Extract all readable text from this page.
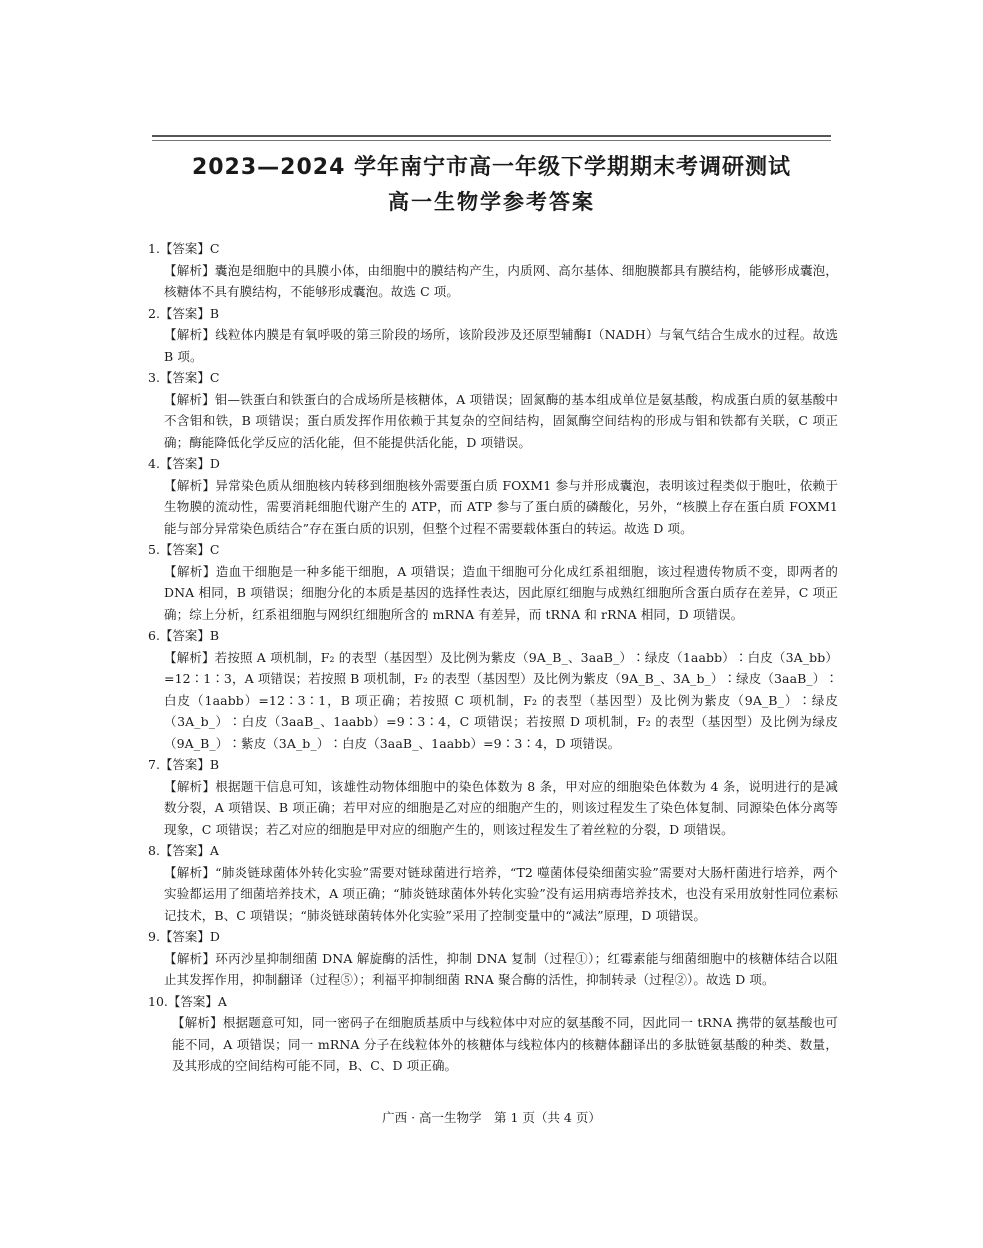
2023—2024 学年南宁市高一年级下学期期末考调研测试
高一生物学参考答案
1.【答案】C
【解析】囊泡是细胞中的具膜小体，由细胞中的膜结构产生，内质网、高尔基体、细胞膜都具有膜结构，能够形成囊泡，核糖体不具有膜结构，不能够形成囊泡。故选 C 项。
2.【答案】B
【解析】线粒体内膜是有氧呼吸的第三阶段的场所，该阶段涉及还原型辅酶Ⅰ（NADH）与氧气结合生成水的过程。故选 B 项。
3.【答案】C
【解析】钼—铁蛋白和铁蛋白的合成场所是核糖体，A 项错误；固氮酶的基本组成单位是氨基酸，构成蛋白质的氨基酸中不含钼和铁，B 项错误；蛋白质发挥作用依赖于其复杂的空间结构，固氮酶空间结构的形成与钼和铁都有关联，C 项正确；酶能降低化学反应的活化能，但不能提供活化能，D 项错误。
4.【答案】D
【解析】异常染色质从细胞核内转移到细胞核外需要蛋白质 FOXM1 参与并形成囊泡，表明该过程类似于胞吐，依赖于生物膜的流动性，需要消耗细胞代谢产生的 ATP，而 ATP 参与了蛋白质的磷酸化，另外，“核膜上存在蛋白质 FOXM1 能与部分异常染色质结合”存在蛋白质的识别，但整个过程不需要载体蛋白的转运。故选 D 项。
5.【答案】C
【解析】造血干细胞是一种多能干细胞，A 项错误；造血干细胞可分化成红系祖细胞，该过程遗传物质不变，即两者的 DNA 相同，B 项错误；细胞分化的本质是基因的选择性表达，因此原红细胞与成熟红细胞所含蛋白质存在差异，C 项正确；综上分析，红系祖细胞与网织红细胞所含的 mRNA 有差异，而 tRNA 和 rRNA 相同，D 项错误。
6.【答案】B
【解析】若按照 A 项机制，F₂ 的表型（基因型）及比例为紫皮（9A_B_、3aaB_）∶绿皮（1aabb）∶白皮（3A_bb）=12∶1∶3，A 项错误；若按照 B 项机制，F₂ 的表型（基因型）及比例为紫皮（9A_B_、3A_b_）∶绿皮（3aaB_）∶白皮（1aabb）=12∶3∶1，B 项正确；若按照 C 项机制，F₂ 的表型（基因型）及比例为紫皮（9A_B_）∶绿皮（3A_b_）∶白皮（3aaB_、1aabb）=9∶3∶4，C 项错误；若按照 D 项机制，F₂ 的表型（基因型）及比例为绿皮（9A_B_）∶紫皮（3A_b_）∶白皮（3aaB_、1aabb）=9∶3∶4，D 项错误。
7.【答案】B
【解析】根据题干信息可知，该雄性动物体细胞中的染色体数为 8 条，甲对应的细胞染色体数为 4 条，说明进行的是减数分裂，A 项错误、B 项正确；若甲对应的细胞是乙对应的细胞产生的，则该过程发生了染色体复制、同源染色体分离等现象，C 项错误；若乙对应的细胞是甲对应的细胞产生的，则该过程发生了着丝粒的分裂，D 项错误。
8.【答案】A
【解析】“肺炎链球菌体外转化实验”需要对链球菌进行培养，“T2 噬菌体侵染细菌实验”需要对大肠杆菌进行培养，两个实验都运用了细菌培养技术，A 项正确；“肺炎链球菌体外转化实验”没有运用病毒培养技术，也没有采用放射性同位素标记技术，B、C 项错误；“肺炎链球菌转体外化实验”采用了控制变量中的“减法”原理，D 项错误。
9.【答案】D
【解析】环丙沙星抑制细菌 DNA 解旋酶的活性，抑制 DNA 复制（过程①）；红霉素能与细菌细胞中的核糖体结合以阻止其发挥作用，抑制翻译（过程⑤）；利福平抑制细菌 RNA 聚合酶的活性，抑制转录（过程②）。故选 D 项。
10.【答案】A
【解析】根据题意可知，同一密码子在细胞质基质中与线粒体中对应的氨基酸不同，因此同一 tRNA 携带的氨基酸也可能不同，A 项错误；同一 mRNA 分子在线粒体外的核糖体与线粒体内的核糖体翻译出的多肽链氨基酸的种类、数量，及其形成的空间结构可能不同，B、C、D 项正确。
广西 · 高一生物学　第 1 页（共 4 页）
